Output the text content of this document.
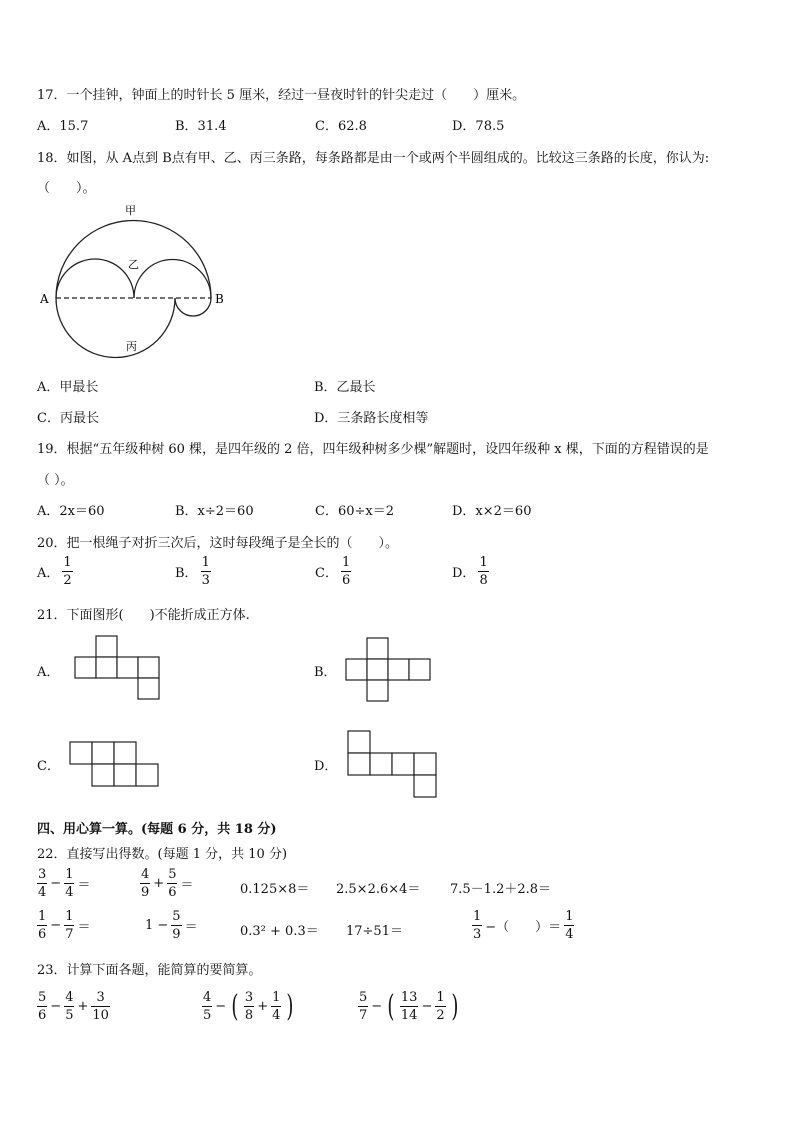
17．一个挂钟，钟面上的时针长 5 厘米，经过一昼夜时针的针尖走过（　　）厘米。
A．15.7	B．31.4	C．62.8	D．78.5
18．如图，从 A点到 B点有甲、乙、丙三条路，每条路都是由一个或两个半圆组成的。比较这三条路的长度，你认为:
（　　）。
甲
乙
丙
A	B
A．甲最长	B．乙最长
C．丙最长	D．三条路长度相等
19．根据“五年级种树 60 棵，是四年级的 2 倍，四年级种树多少棵”解题时，设四年级种 x 棵，下面的方程错误的是
（ ）。
A．2x＝60	B．x÷2＝60	C．60÷x＝2	D．x×2＝60
20．把一根绳子对折三次后，这时每段绳子是全长的（　　）。
A． $\frac{1}{2}$	B． $\frac{1}{3}$	C． $\frac{1}{6}$	D． $\frac{1}{8}$
21．下面图形(　　)不能折成正方体.
A．	B．
C．	D．
四、用心算一算。(每题 6 分，共 18 分)
22．直接写出得数。(每题 1 分，共 10 分)
$\frac{3}{4} - \frac{1}{4}$ ＝	$\frac{4}{9} + \frac{5}{6}$ ＝	0.125×8＝ 2.5×2.6×4＝ 7.5－1.2＋2.8＝
$\frac{1}{6} - \frac{1}{7}$ ＝	$1 - \frac{5}{9}$ ＝	0.3² + 0.3＝ 17÷51＝	$\frac{1}{3}$ −（　　）＝ $\frac{1}{4}$
23．计算下面各题，能简算的要简算。
$\frac{5}{6} - \frac{4}{5} + \frac{3}{10}$	$\frac{4}{5}$ − ( $\frac{3}{8} + \frac{1}{4}$ )	$\frac{5}{7}$ − ( $\frac{13}{14} - \frac{1}{2}$ )
